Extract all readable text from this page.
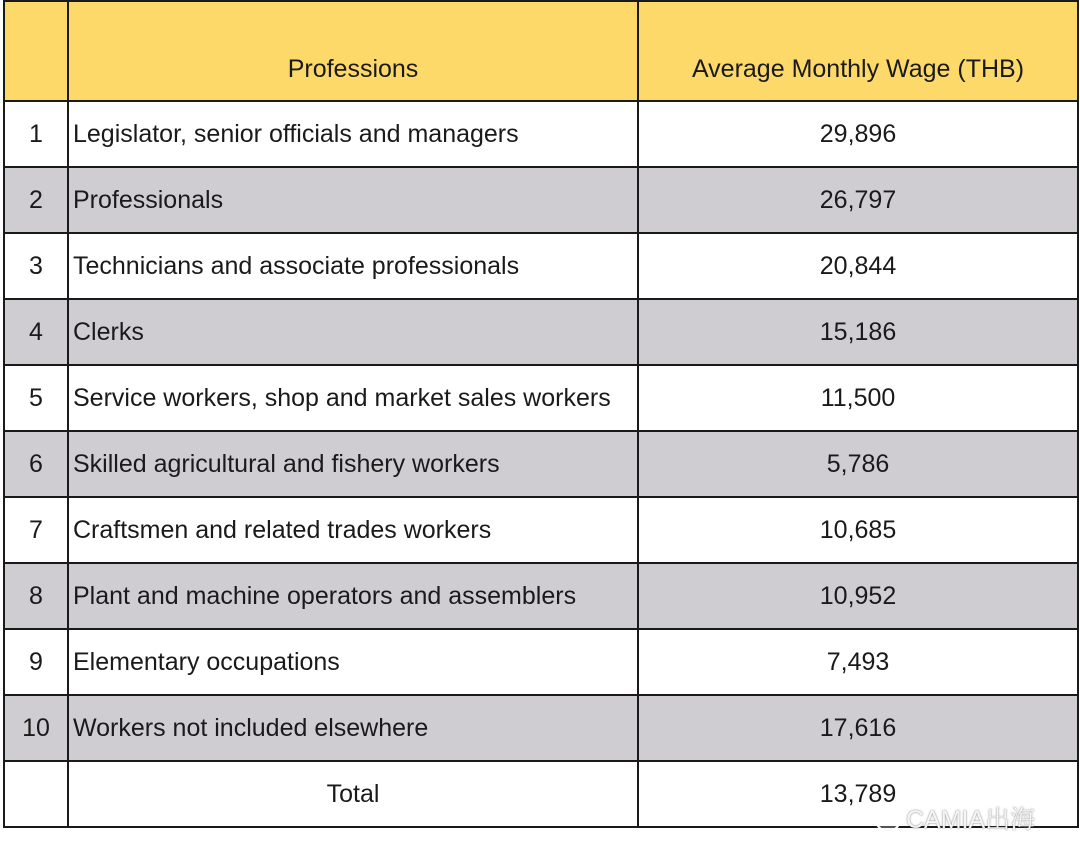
	Professions	Average Monthly Wage (THB)
1	Legislator, senior officials and managers	29,896
2	Professionals	26,797
3	Technicians and associate professionals	20,844
4	Clerks	15,186
5	Service workers, shop and market sales workers	11,500
6	Skilled agricultural and fishery workers	5,786
7	Craftsmen and related trades workers	10,685
8	Plant and machine operators and assemblers	10,952
9	Elementary occupations	7,493
10	Workers not included elsewhere	17,616
	Total	13,789
CAMIA出海
